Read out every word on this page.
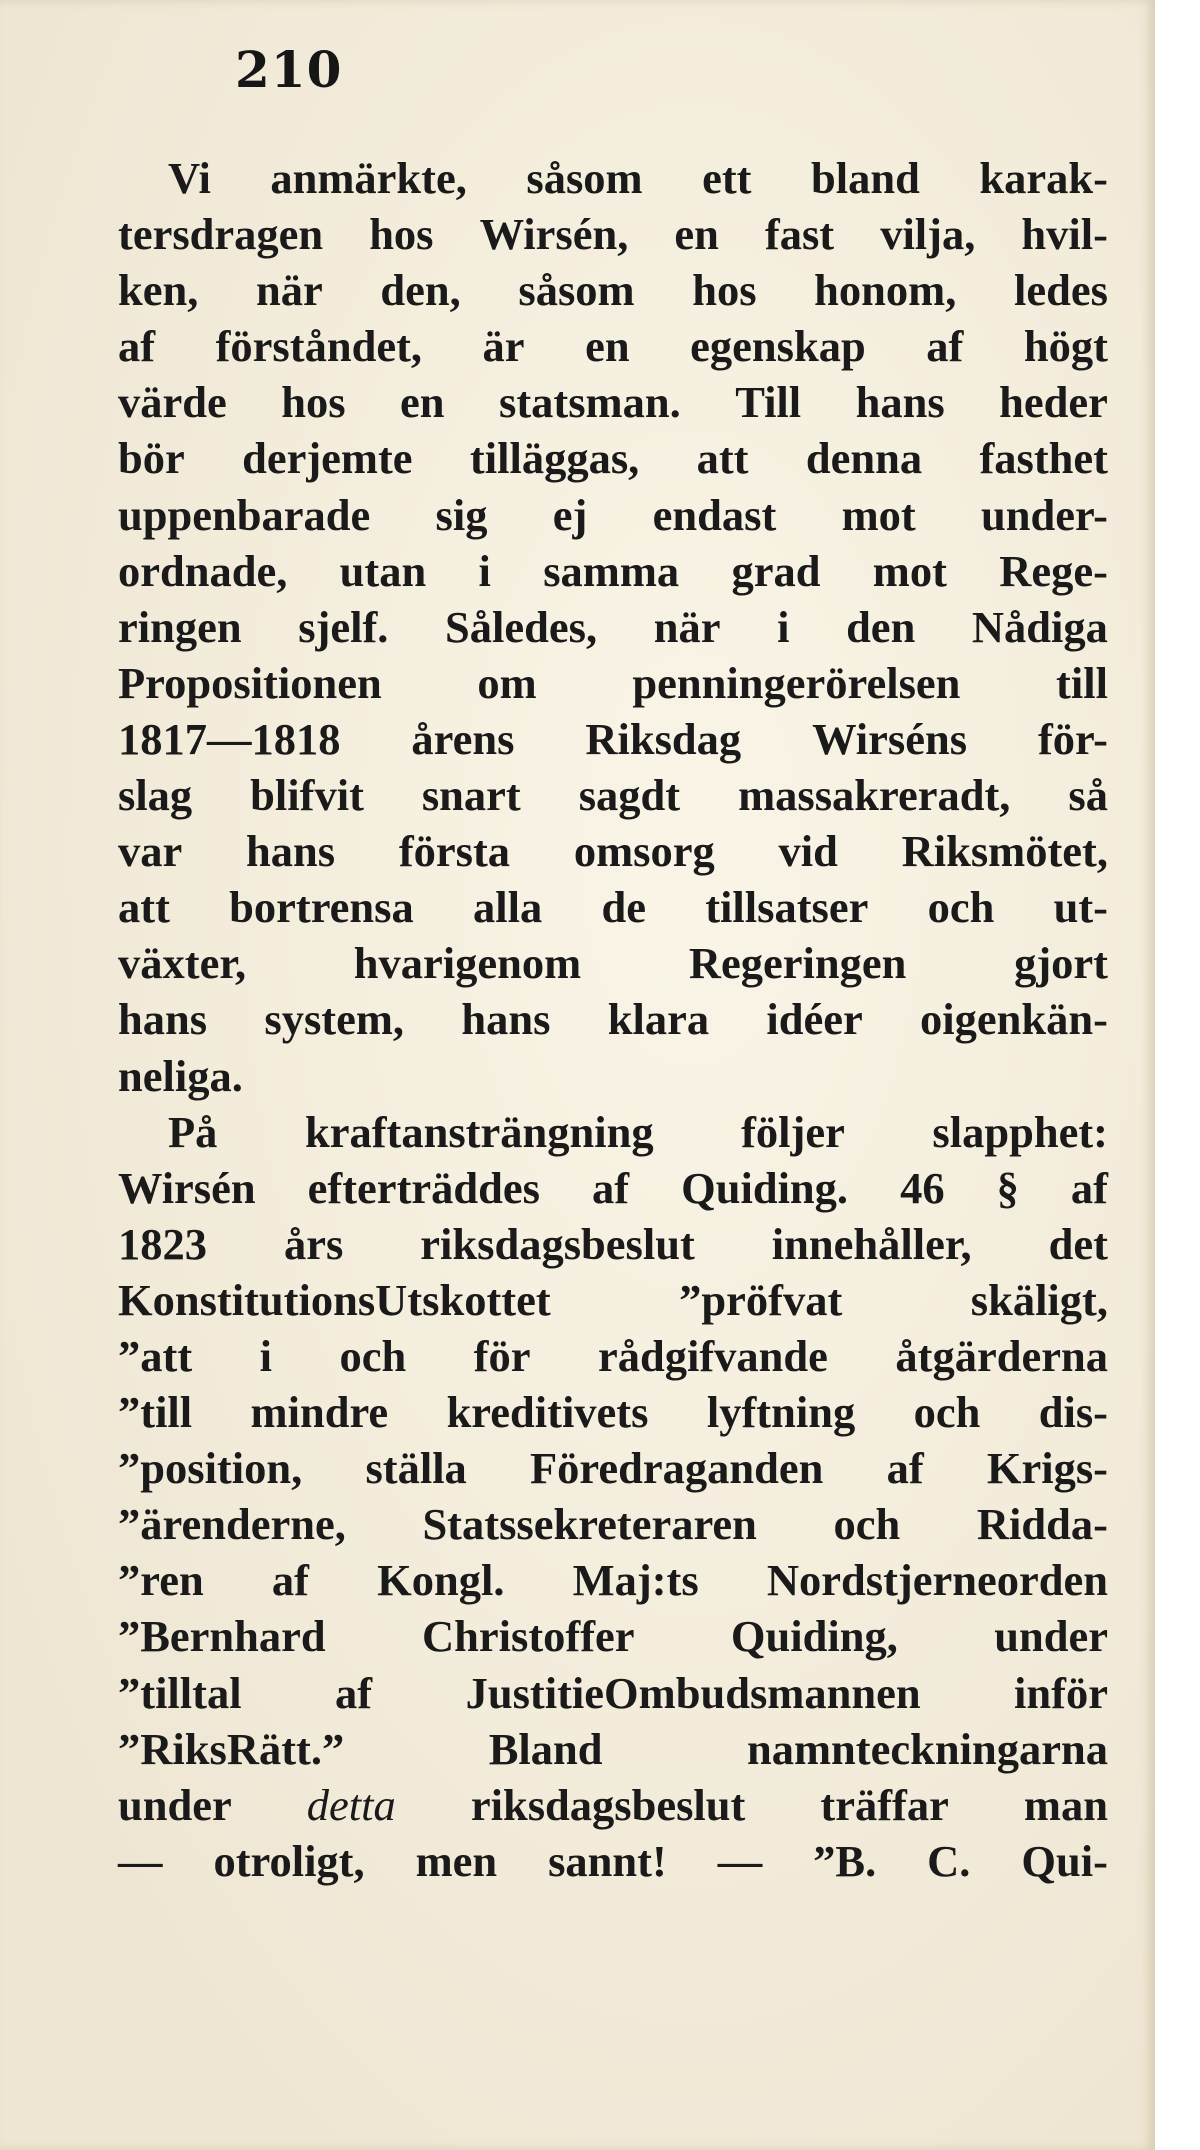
210
Vi anmärkte, såsom ett bland karak-
tersdragen hos Wirsén, en fast vilja, hvil-
ken, när den, såsom hos honom, ledes
af förståndet, är en egenskap af högt
värde hos en statsman. Till hans heder
bör derjemte tilläggas, att denna fasthet
uppenbarade sig ej endast mot under-
ordnade, utan i samma grad mot Rege-
ringen sjelf. Således, när i den Nådiga
Propositionen om penningerörelsen till
1817—1818 årens Riksdag Wirséns för-
slag blifvit snart sagdt massakreradt, så
var hans första omsorg vid Riksmötet,
att bortrensa alla de tillsatser och ut-
växter, hvarigenom Regeringen gjort
hans system, hans klara idéer oigenkän-
neliga.
På kraftansträngning följer slapphet:
Wirsén efterträddes af Quiding. 46 § af
1823 års riksdagsbeslut innehåller, det
KonstitutionsUtskottet	”pröfvat	skäligt,
”att i och för rådgifvande åtgärderna
”till mindre kreditivets lyftning och dis-
”position, ställa Föredraganden af Krigs-
”ärenderne, Statssekreteraren och Ridda-
”ren af Kongl. Maj:ts Nordstjerneorden
”Bernhard Christoffer Quiding, under
”tilltal af JustitieOmbudsmannen inför
”RiksRätt.”	Bland	namnteckningarna
under detta riksdagsbeslut träffar man
— otroligt, men sannt! — ”B. C. Qui-
